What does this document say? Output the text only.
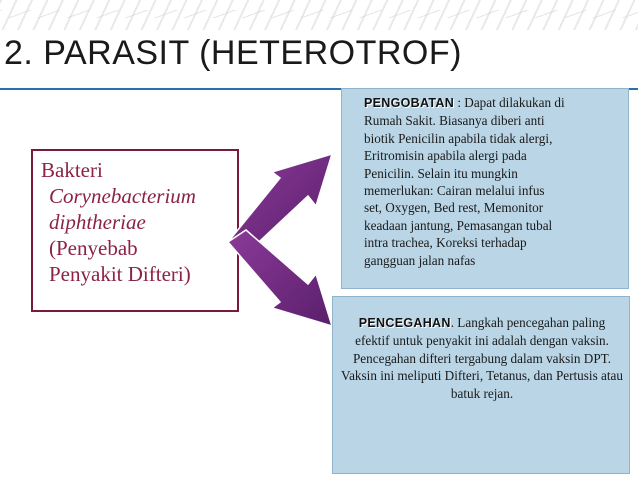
2. PARASIT (HETEROTROF)
Bakteri
Corynebacterium
diphtheriae
(Penyebab
Penyakit Difteri)
PENGOBATAN : Dapat dilakukan di
Rumah Sakit. Biasanya diberi anti
biotik Penicilin apabila tidak alergi,
Eritromisin apabila alergi pada
Penicilin. Selain itu mungkin
memerlukan: Cairan melalui infus
set, Oxygen, Bed rest, Memonitor
keadaan jantung, Pemasangan tubal
intra trachea, Koreksi terhadap
gangguan jalan nafas
PENCEGAHAN. Langkah pencegahan paling efektif untuk penyakit ini adalah dengan vaksin. Pencegahan difteri tergabung dalam vaksin DPT. Vaksin ini meliputi Difteri, Tetanus, dan Pertusis atau batuk rejan.
